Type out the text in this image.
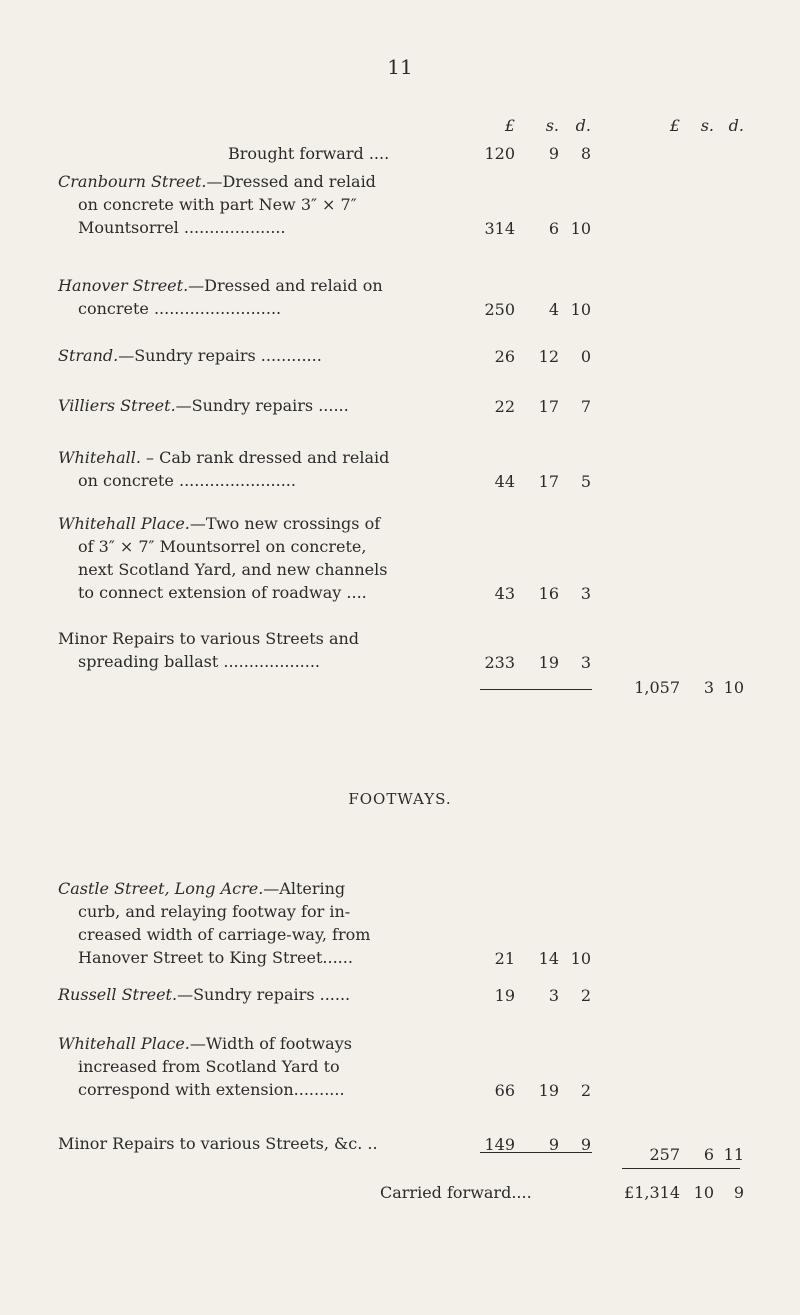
11
£	s.	d.	£	s. d.
Brought forward ....	120	9	8
Cranbourn Street.—Dressed and relaid
on concrete with part New 3″ × 7″
Mountsorrel ....................	314	6 10
Hanover Street.—Dressed and relaid on
concrete .........................	250	4 10
Strand.—Sundry repairs ............	26	12	0
Villiers Street.—Sundry repairs ......	22	17	7
Whitehall. – Cab rank dressed and relaid
on concrete .......................	44	17	5
Whitehall Place.—Two new crossings of
of 3″ × 7″ Mountsorrel on concrete,
next Scotland Yard, and new channels
to connect extension of roadway ....	43	16	3
Minor Repairs to various Streets and
spreading ballast ...................	233	19	3
1,057	3 10
FOOTWAYS.
Castle Street, Long Acre.—Altering
curb, and relaying footway for in-
creased width of carriage-way, from
Hanover Street to King Street......	21	14 10
Russell Street.—Sundry repairs ......	19	3	2
Whitehall Place.—Width of footways
increased from Scotland Yard to
correspond with extension..........	66	19	2
Minor Repairs to various Streets, &c. ..	149	9	9
257	6 11
Carried forward....	£1,314 10	9
